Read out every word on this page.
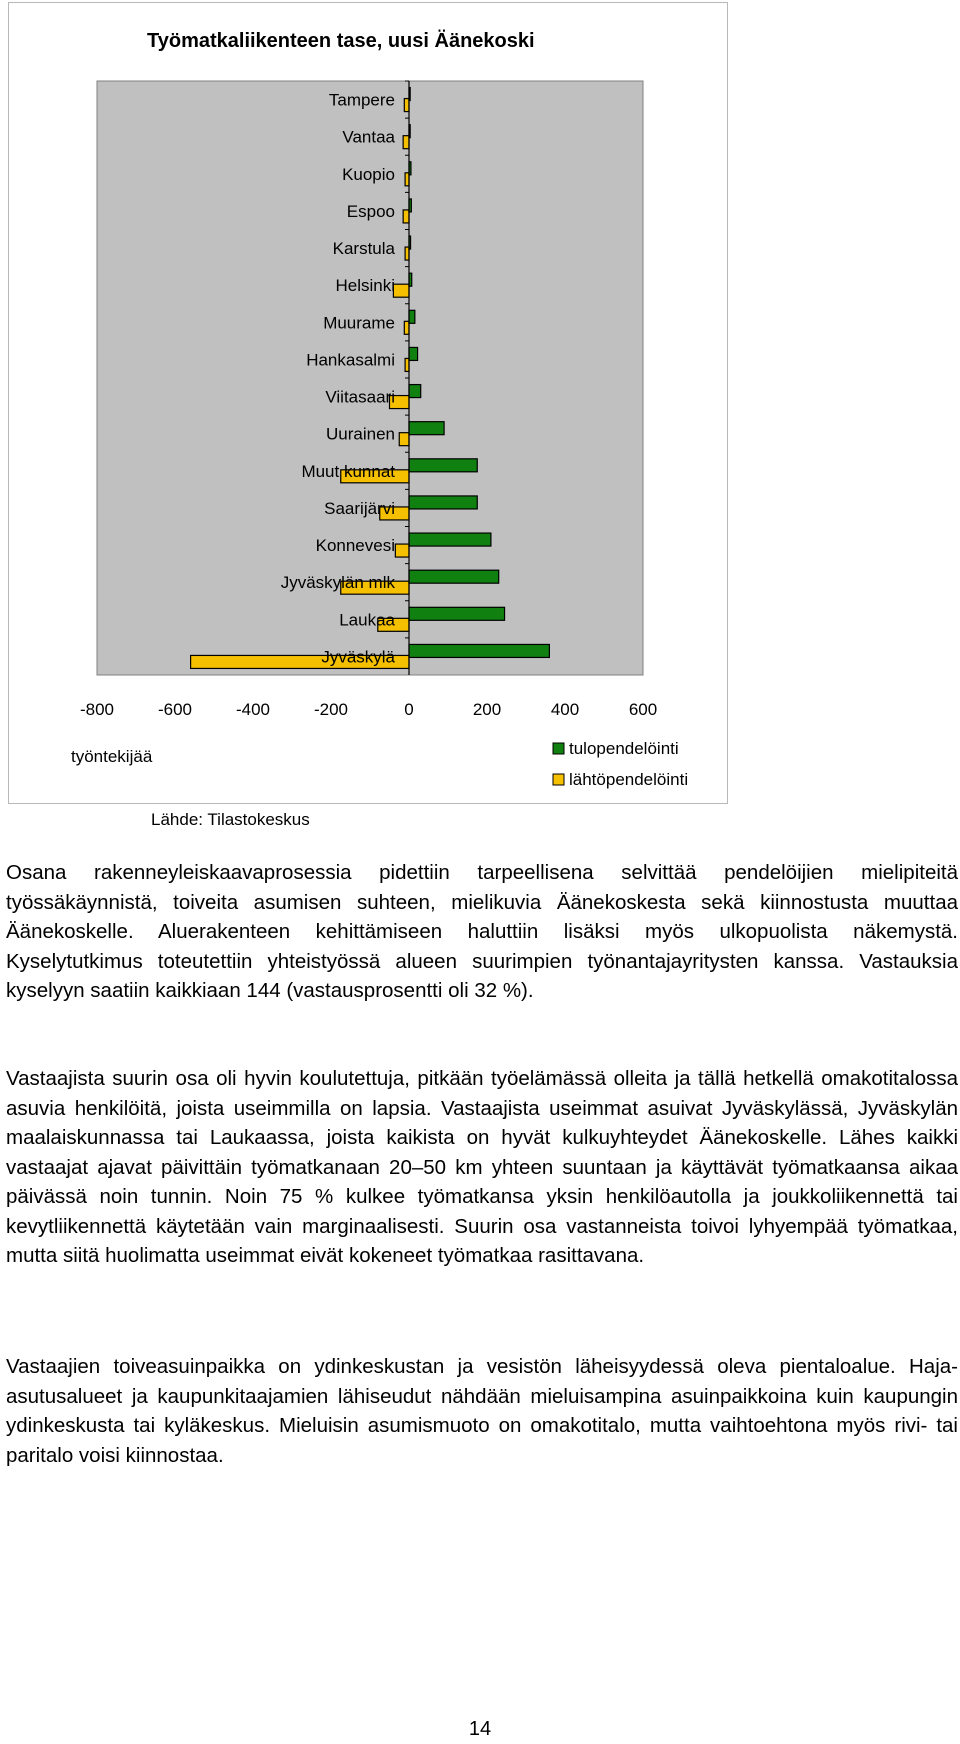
Työmatkaliikenteen tase, uusi Äänekoski
Tampere
Vantaa
Kuopio
Espoo
Karstula
Helsinki
Muurame
Hankasalmi
Viitasaari
Uurainen
Muut kunnat
Saarijärvi
Konnevesi
Jyväskylän mlk
Laukaa
Jyväskylä
-800	-600	-400	-200	0	200	400	600
työntekijää	tulopendelöinti
lähtöpendelöinti
Lähde: Tilastokeskus

Osana rakenneyleiskaavaprosessia pidettiin tarpeellisena selvittää pendelöijien mielipiteitä työssäkäynnistä, toiveita asumisen suhteen, mielikuvia Äänekoskesta sekä kiinnostusta muuttaa Äänekoskelle. Aluerakenteen kehittämiseen haluttiin lisäksi myös ulkopuolista näkemystä. Kyselytutkimus toteutettiin yhteistyössä alueen suurimpien työnantajayritysten kanssa. Vastauksia kyselyyn saatiin kaikkiaan 144 (vastausprosentti oli 32 %).

Vastaajista suurin osa oli hyvin koulutettuja, pitkään työelämässä olleita ja tällä hetkellä omakotitalossa asuvia henkilöitä, joista useimmilla on lapsia. Vastaajista useimmat asuivat Jyväskylässä, Jyväskylän maalaiskunnassa tai Laukaassa, joista kaikista on hyvät kulkuyhteydet Äänekoskelle. Lähes kaikki vastaajat ajavat päivittäin työmatkanaan 20–50 km yhteen suuntaan ja käyttävät työmatkaansa aikaa päivässä noin tunnin. Noin 75 % kulkee työmatkansa yksin henkilöautolla ja joukkoliikennettä tai kevytliikennettä käytetään vain marginaalisesti. Suurin osa vastanneista toivoi lyhyempää työmatkaa, mutta siitä huolimatta useimmat eivät kokeneet työmatkaa rasittavana.

Vastaajien toiveasuinpaikka on ydinkeskustan ja vesistön läheisyydessä oleva pientaloalue. Haja-asutusalueet ja kaupunkitaajamien lähiseudut nähdään mieluisampina asuinpaikkoina kuin kaupungin ydinkeskusta tai kyläkeskus. Mieluisin asumismuoto on omakotitalo, mutta vaihtoehtona myös rivi- tai paritalo voisi kiinnostaa.

14
